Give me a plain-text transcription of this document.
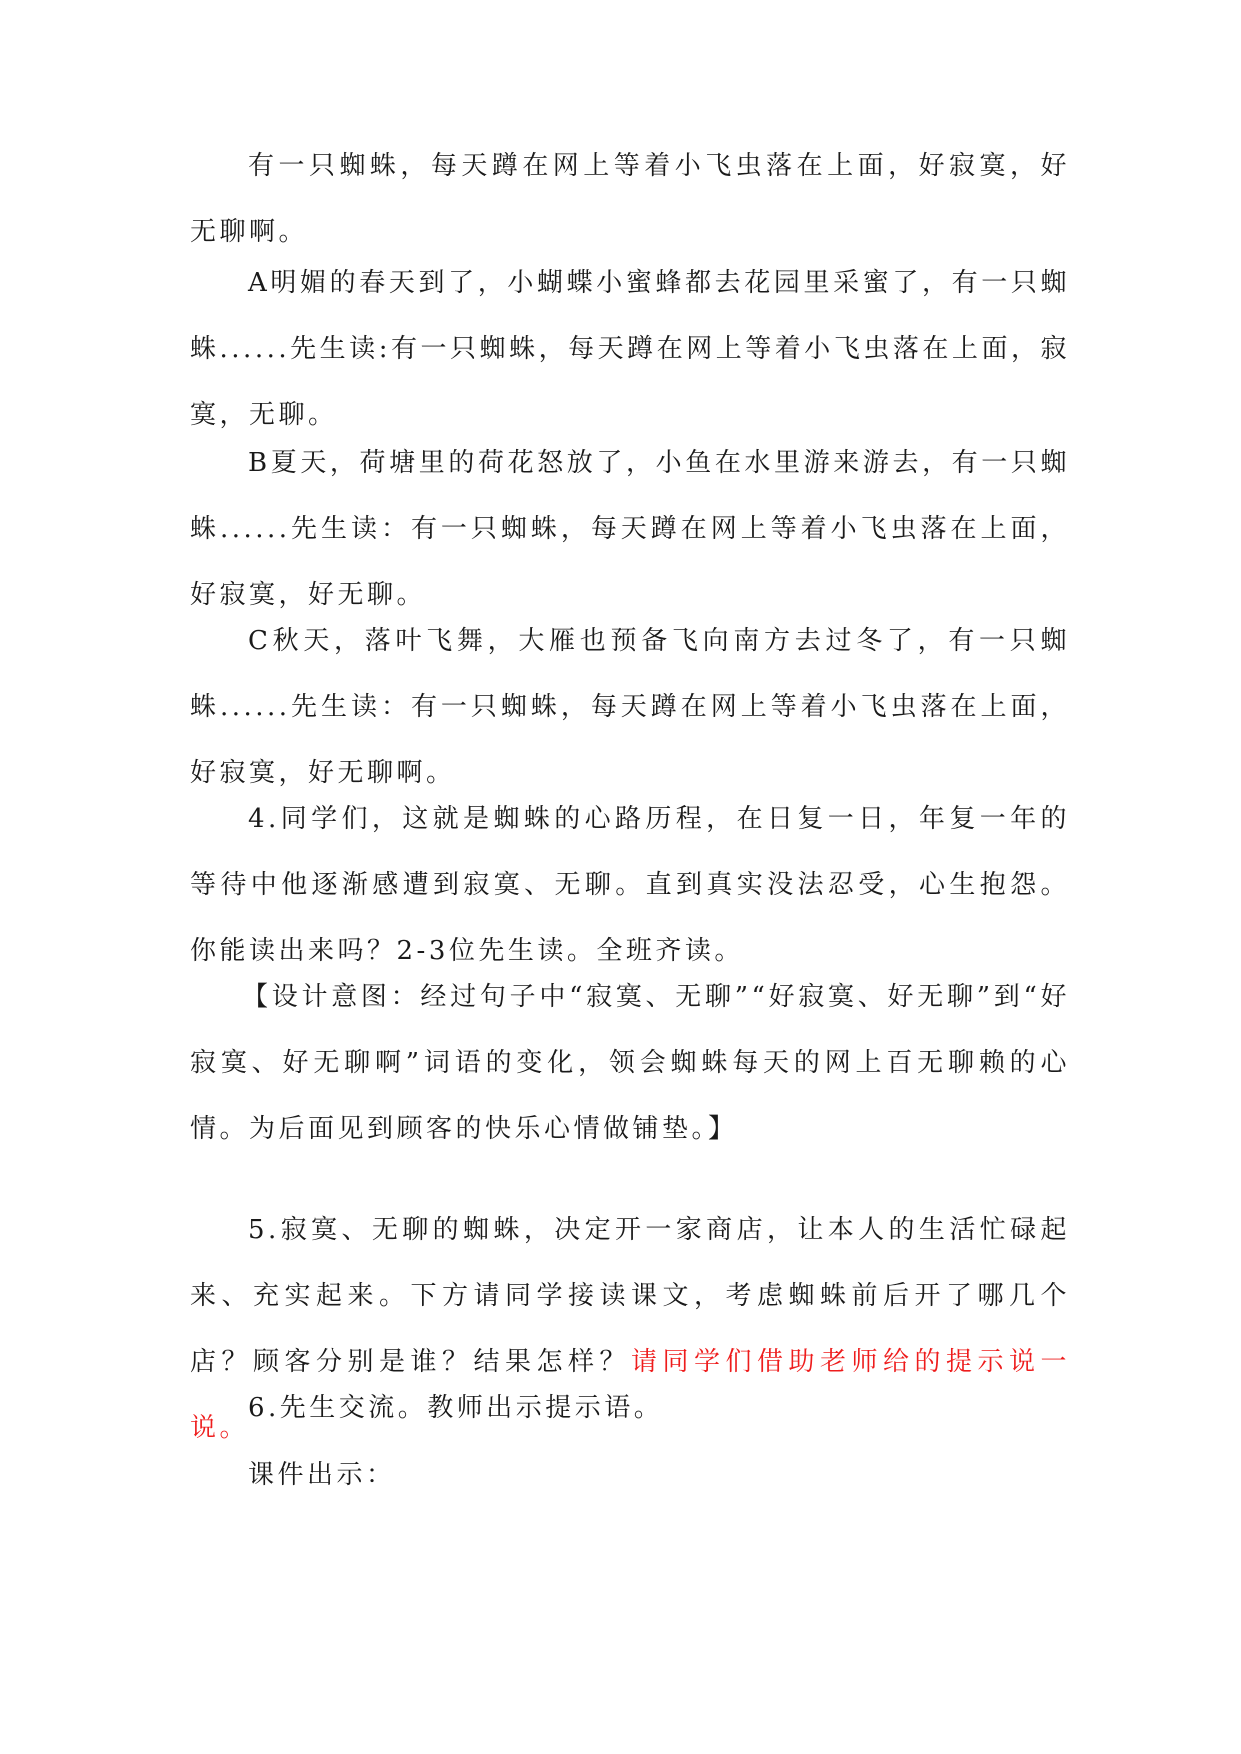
有一只蜘蛛，每天蹲在网上等着小飞虫落在上面，好寂寞，好无聊啊。

A明媚的春天到了，小蝴蝶小蜜蜂都去花园里采蜜了，有一只蜘蛛......先生读:有一只蜘蛛，每天蹲在网上等着小飞虫落在上面，寂寞，无聊。

B夏天，荷塘里的荷花怒放了，小鱼在水里游来游去，有一只蜘蛛......先生读：有一只蜘蛛，每天蹲在网上等着小飞虫落在上面，好寂寞，好无聊。

C秋天，落叶飞舞，大雁也预备飞向南方去过冬了，有一只蜘蛛......先生读：有一只蜘蛛，每天蹲在网上等着小飞虫落在上面，好寂寞，好无聊啊。

4.同学们，这就是蜘蛛的心路历程，在日复一日，年复一年的等待中他逐渐感遭到寂寞、无聊。直到真实没法忍受，心生抱怨。你能读出来吗？2-3位先生读。全班齐读。

【设计意图：经过句子中“寂寞、无聊”“好寂寞、好无聊”到“好寂寞、好无聊啊”词语的变化，领会蜘蛛每天的网上百无聊赖的心情。为后面见到顾客的快乐心情做铺垫。】

5.寂寞、无聊的蜘蛛，决定开一家商店，让本人的生活忙碌起来、充实起来。下方请同学接读课文，考虑蜘蛛前后开了哪几个店？顾客分别是谁？结果怎样？请同学们借助老师给的提示说一说。

6.先生交流。教师出示提示语。

课件出示：
